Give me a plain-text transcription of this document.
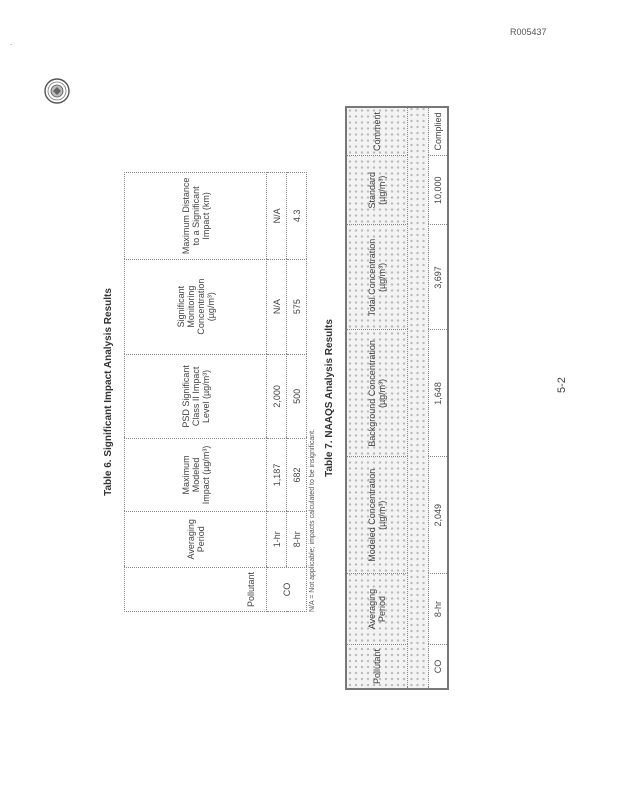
R005437
.
Table 6. Significant Impact Analysis Results
Pollutant	Averaging Period	Maximum Modeled Impact (µg/m³)	PSD Significant Class II Impact Level (µg/m³)	Significant Monitoring Concentration (µg/m³)	Maximum Distance to a Significant Impact (km)
CO	1-hr	1,187	2,000	N/A	N/A
	8-hr	682	500	575	4.3
N/A = Not applicable; impacts calculated to be insignificant.
Table 7. NAAQS Analysis Results

Pollutant	Averaging Period	Modeled Concentration (µg/m³)	Background Concentration (µg/m³)	Total Concentration (µg/m³)	Standard (µg/m³)	Comment
CO	8-hr	2,049	1,648	3,697	10,000	Complied
5-2
